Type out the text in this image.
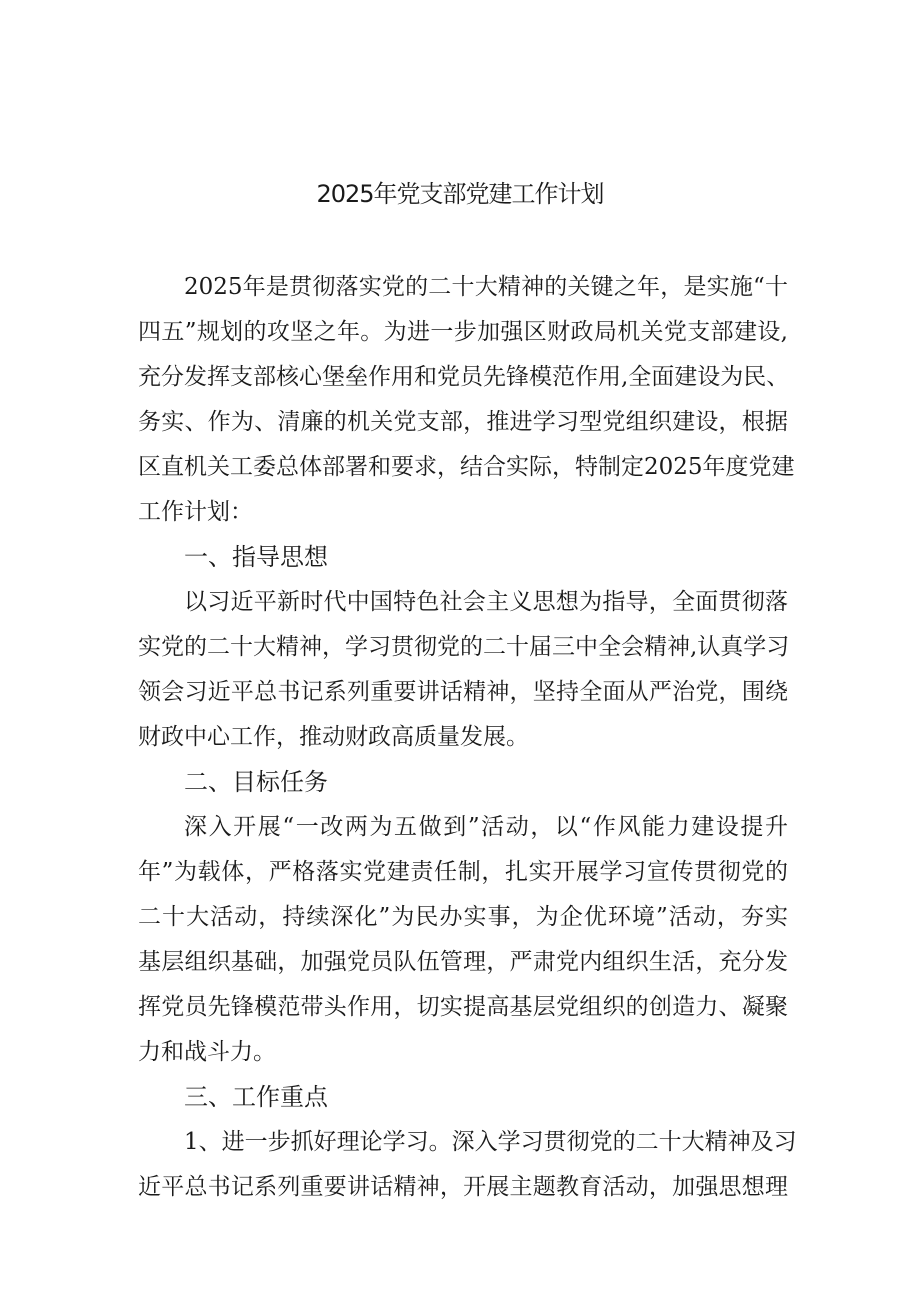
2025年党支部党建工作计划

2025年是贯彻落实党的二十大精神的关键之年，是实施“十

四五”规划的攻坚之年。为进一步加强区财政局机关党支部建设,

充分发挥支部核心堡垒作用和党员先锋模范作用,全面建设为民、

务实、作为、清廉的机关党支部，推进学习型党组织建设，根据

区直机关工委总体部署和要求，结合实际，特制定2025年度党建

工作计划：

一、指导思想

以习近平新时代中国特色社会主义思想为指导，全面贯彻落

实党的二十大精神，学习贯彻党的二十届三中全会精神,认真学习

领会习近平总书记系列重要讲话精神，坚持全面从严治党，围绕

财政中心工作，推动财政高质量发展。

二、目标任务

深入开展“一改两为五做到”活动，以“作风能力建设提升

年”为载体，严格落实党建责任制，扎实开展学习宣传贯彻党的

二十大活动，持续深化”为民办实事，为企优环境”活动，夯实

基层组织基础，加强党员队伍管理，严肃党内组织生活，充分发

挥党员先锋模范带头作用，切实提高基层党组织的创造力、凝聚

力和战斗力。

三、工作重点

1、进一步抓好理论学习。深入学习贯彻党的二十大精神及习

近平总书记系列重要讲话精神，开展主题教育活动，加强思想理
